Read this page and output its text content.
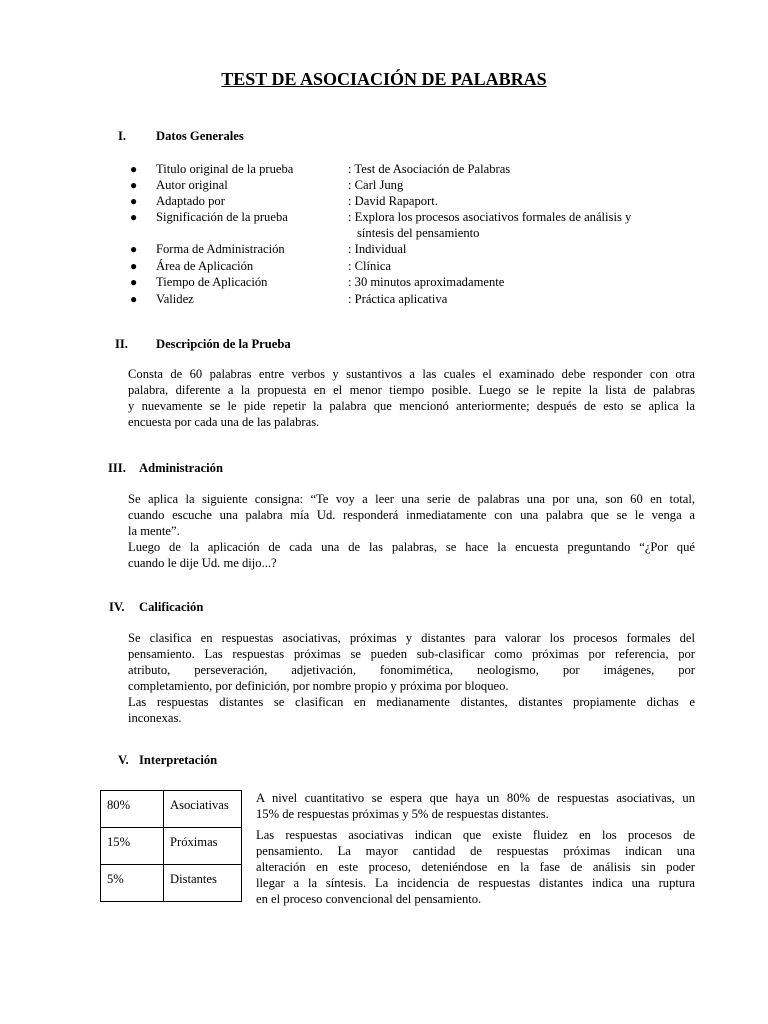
TEST DE ASOCIACIÓN DE PALABRAS
I. Datos Generales
● Titulo original de la prueba	: Test de Asociación de Palabras
● Autor original	: Carl Jung
● Adaptado por	: David Rapaport.
● Significación de la prueba	: Explora los procesos asociativos formales de análisis y
síntesis del pensamiento
● Forma de Administración	: Individual
● Área de Aplicación	: Clínica
● Tiempo de Aplicación	: 30 minutos aproximadamente
● Validez	: Práctica aplicativa
II. Descripción de la Prueba
Consta de 60 palabras entre verbos y sustantivos a las cuales el examinado debe responder con otra
palabra, diferente a la propuesta en el menor tiempo posible. Luego se le repite la lista de palabras
y nuevamente se le pide repetir la palabra que mencionó anteriormente; después de esto se aplica la
encuesta por cada una de las palabras.
III. Administración
Se aplica la siguiente consigna: “Te voy a leer una serie de palabras una por una, son 60 en total,
cuando escuche una palabra mía Ud. responderá inmediatamente con una palabra que se le venga a
la mente”.
Luego de la aplicación de cada una de las palabras, se hace la encuesta preguntando “¿Por qué
cuando le dije Ud. me dijo...?
IV. Calificación
Se clasifica en respuestas asociativas, próximas y distantes para valorar los procesos formales del
pensamiento. Las respuestas próximas se pueden sub-clasificar como próximas por referencia, por
atributo, perseveración, adjetivación, fonomimética, neologismo, por imágenes, por
completamiento, por definición, por nombre propio y próxima por bloqueo.
Las respuestas distantes se clasifican en medianamente distantes, distantes propiamente dichas e
inconexas.
V. Interpretación
80%	Asociativas
15%	Próximas
5%	Distantes
A nivel cuantitativo se espera que haya un 80% de respuestas asociativas, un
15% de respuestas próximas y 5% de respuestas distantes.
Las respuestas asociativas indican que existe fluidez en los procesos de
pensamiento. La mayor cantidad de respuestas próximas indican una
alteración en este proceso, deteniéndose en la fase de análisis sin poder
llegar a la síntesis. La incidencia de respuestas distantes indica una ruptura
en el proceso convencional del pensamiento.
